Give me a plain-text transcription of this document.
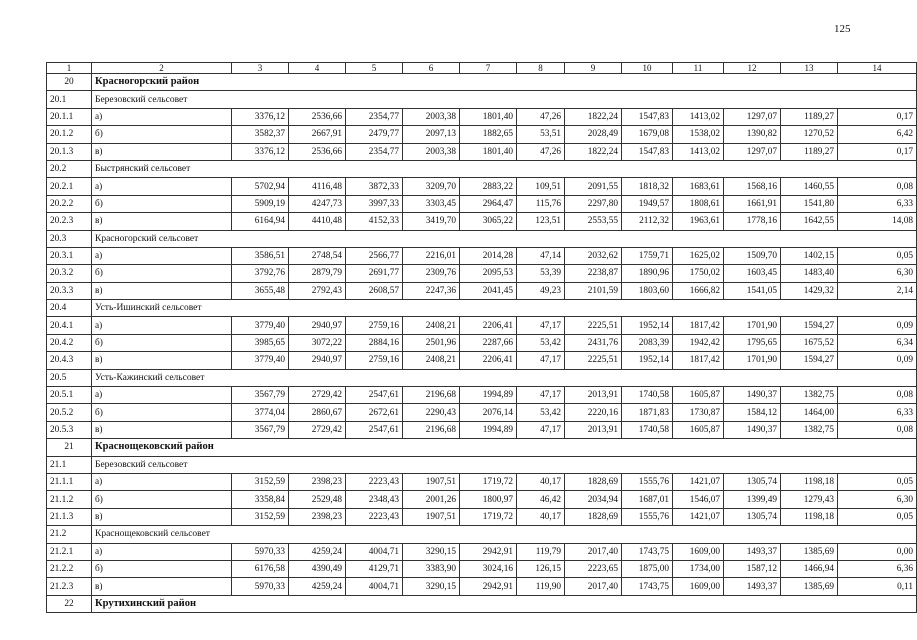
125
1	2	3	4	5	6	7	8	9	10	11	12	13	14
20	Красногорский район												
20.1	Березовский сельсовет												
20.1.1	а)	3376,12	2536,66	2354,77	2003,38	1801,40	47,26	1822,24	1547,83	1413,02	1297,07	1189,27	0,17
20.1.2	б)	3582,37	2667,91	2479,77	2097,13	1882,65	53,51	2028,49	1679,08	1538,02	1390,82	1270,52	6,42
20.1.3	в)	3376,12	2536,66	2354,77	2003,38	1801,40	47,26	1822,24	1547,83	1413,02	1297,07	1189,27	0,17
20.2	Быстрянский сельсовет												
20.2.1	а)	5702,94	4116,48	3872,33	3209,70	2883,22	109,51	2091,55	1818,32	1683,61	1568,16	1460,55	0,08
20.2.2	б)	5909,19	4247,73	3997,33	3303,45	2964,47	115,76	2297,80	1949,57	1808,61	1661,91	1541,80	6,33
20.2.3	в)	6164,94	4410,48	4152,33	3419,70	3065,22	123,51	2553,55	2112,32	1963,61	1778,16	1642,55	14,08
20.3	Красногорский сельсовет												
20.3.1	а)	3586,51	2748,54	2566,77	2216,01	2014,28	47,14	2032,62	1759,71	1625,02	1509,70	1402,15	0,05
20.3.2	б)	3792,76	2879,79	2691,77	2309,76	2095,53	53,39	2238,87	1890,96	1750,02	1603,45	1483,40	6,30
20.3.3	в)	3655,48	2792,43	2608,57	2247,36	2041,45	49,23	2101,59	1803,60	1666,82	1541,05	1429,32	2,14
20.4	Усть-Ишинский сельсовет												
20.4.1	а)	3779,40	2940,97	2759,16	2408,21	2206,41	47,17	2225,51	1952,14	1817,42	1701,90	1594,27	0,09
20.4.2	б)	3985,65	3072,22	2884,16	2501,96	2287,66	53,42	2431,76	2083,39	1942,42	1795,65	1675,52	6,34
20.4.3	в)	3779,40	2940,97	2759,16	2408,21	2206,41	47,17	2225,51	1952,14	1817,42	1701,90	1594,27	0,09
20.5	Усть-Кажинский сельсовет												
20.5.1	а)	3567,79	2729,42	2547,61	2196,68	1994,89	47,17	2013,91	1740,58	1605,87	1490,37	1382,75	0,08
20.5.2	б)	3774,04	2860,67	2672,61	2290,43	2076,14	53,42	2220,16	1871,83	1730,87	1584,12	1464,00	6,33
20.5.3	в)	3567,79	2729,42	2547,61	2196,68	1994,89	47,17	2013,91	1740,58	1605,87	1490,37	1382,75	0,08
21	Краснощековский район												
21.1	Березовский сельсовет												
21.1.1	а)	3152,59	2398,23	2223,43	1907,51	1719,72	40,17	1828,69	1555,76	1421,07	1305,74	1198,18	0,05
21.1.2	б)	3358,84	2529,48	2348,43	2001,26	1800,97	46,42	2034,94	1687,01	1546,07	1399,49	1279,43	6,30
21.1.3	в)	3152,59	2398,23	2223,43	1907,51	1719,72	40,17	1828,69	1555,76	1421,07	1305,74	1198,18	0,05
21.2	Краснощековский сельсовет												
21.2.1	а)	5970,33	4259,24	4004,71	3290,15	2942,91	119,79	2017,40	1743,75	1609,00	1493,37	1385,69	0,00
21.2.2	б)	6176,58	4390,49	4129,71	3383,90	3024,16	126,15	2223,65	1875,00	1734,00	1587,12	1466,94	6,36
21.2.3	в)	5970,33	4259,24	4004,71	3290,15	2942,91	119,90	2017,40	1743,75	1609,00	1493,37	1385,69	0,11
22	Крутихинский район												
